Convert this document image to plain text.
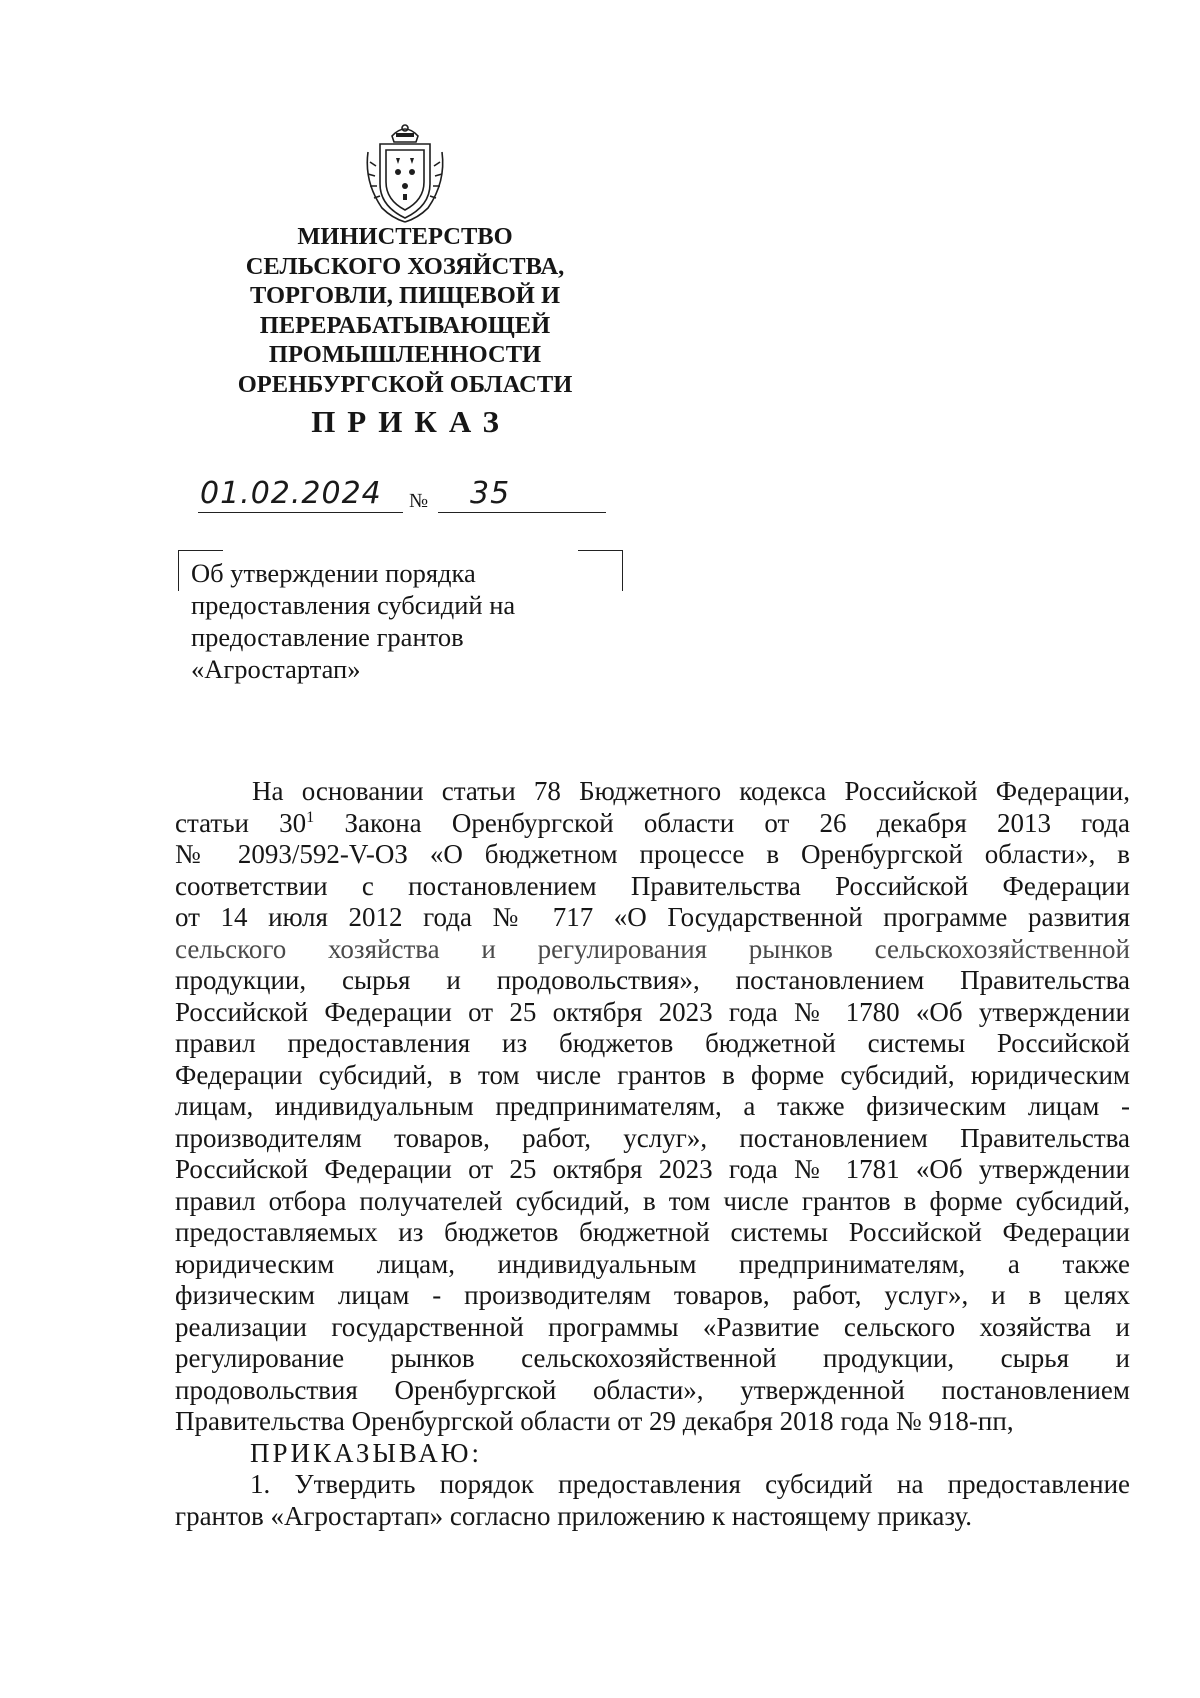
МИНИСТЕРСТВО
СЕЛЬСКОГО ХОЗЯЙСТВА,
ТОРГОВЛИ, ПИЩЕВОЙ И
ПЕРЕРАБАТЫВАЮЩЕЙ
ПРОМЫШЛЕННОСТИ
ОРЕНБУРГСКОЙ ОБЛАСТИ
ПРИКАЗ
01.02.2024 № 35

Об утверждении порядка
предоставления субсидий на
предоставление грантов
«Агростартап»

На основании статьи 78 Бюджетного кодекса Российской Федерации,
статьи $30^1$ Закона Оренбургской области от 26 декабря 2013 года
№ 2093/592-V-ОЗ «О бюджетном процессе в Оренбургской области», в
соответствии с постановлением Правительства Российской Федерации
от 14 июля 2012 года № 717 «О Государственной программе развития
сельского хозяйства и регулирования рынков сельскохозяйственной
продукции, сырья и продовольствия», постановлением Правительства
Российской Федерации от 25 октября 2023 года № 1780 «Об утверждении
правил предоставления из бюджетов бюджетной системы Российской
Федерации субсидий, в том числе грантов в форме субсидий, юридическим
лицам, индивидуальным предпринимателям, а также физическим лицам -
производителям товаров, работ, услуг», постановлением Правительства
Российской Федерации от 25 октября 2023 года № 1781 «Об утверждении
правил отбора получателей субсидий, в том числе грантов в форме субсидий,
предоставляемых из бюджетов бюджетной системы Российской Федерации
юридическим лицам, индивидуальным предпринимателям, а также
физическим лицам - производителям товаров, работ, услуг», и в целях
реализации государственной программы «Развитие сельского хозяйства и
регулирование рынков сельскохозяйственной продукции, сырья и
продовольствия Оренбургской области», утвержденной постановлением
Правительства Оренбургской области от 29 декабря 2018 года № 918-пп,
ПРИКАЗЫВАЮ:
1. Утвердить порядок предоставления субсидий на предоставление
грантов «Агростартап» согласно приложению к настоящему приказу.
